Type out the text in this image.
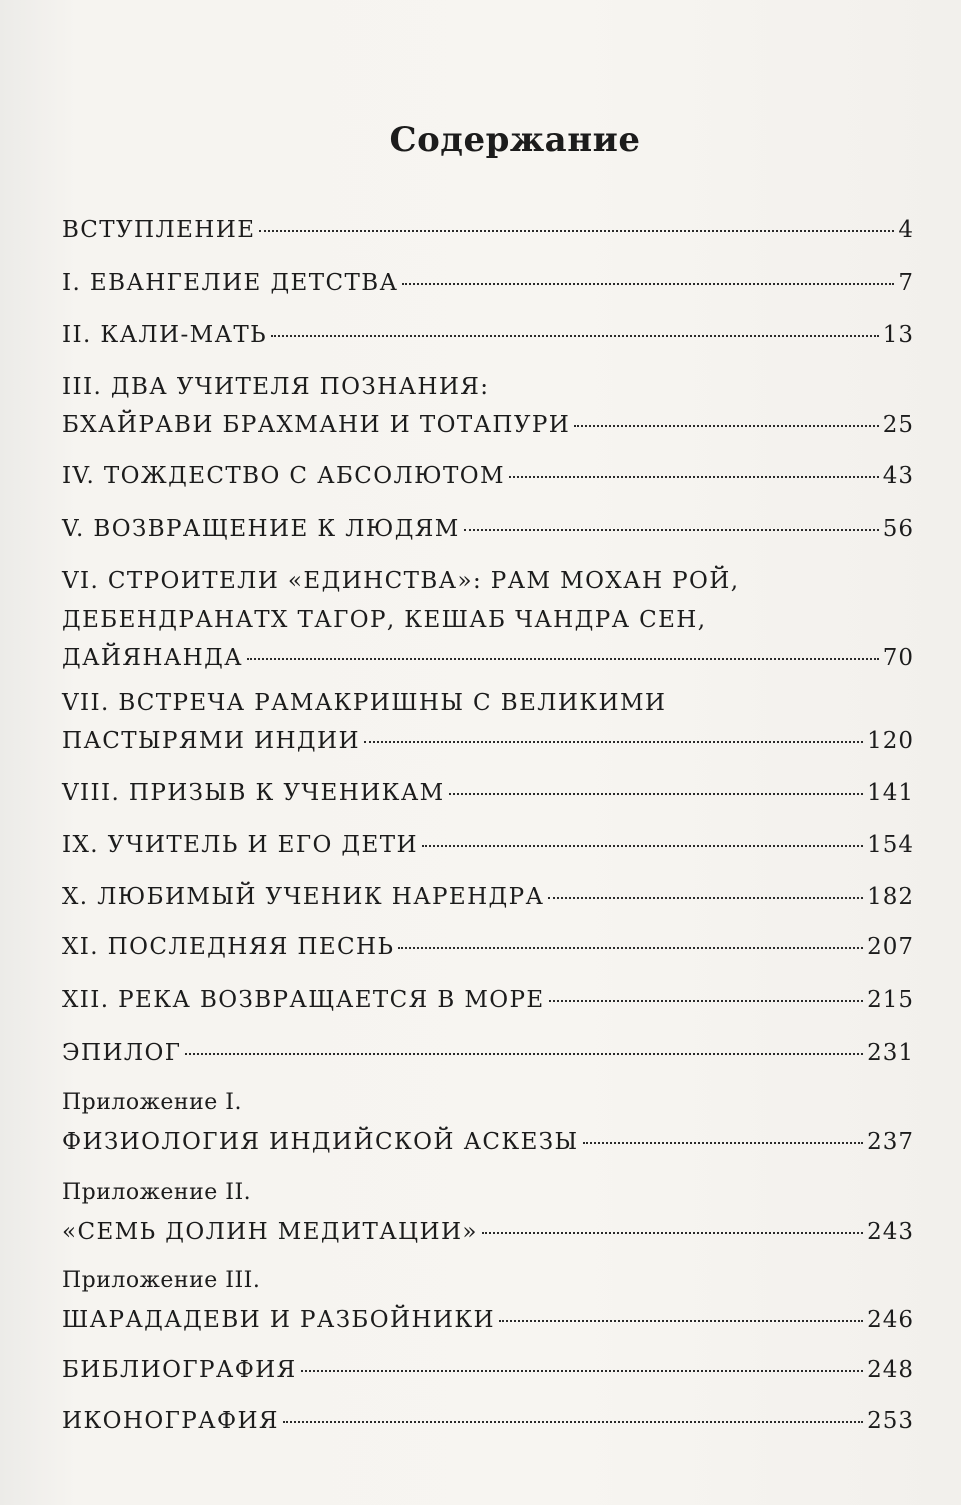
Содержание
ВСТУПЛЕНИЕ	4
I. ЕВАНГЕЛИЕ ДЕТСТВА	7
II. КАЛИ-МАТЬ	13
III. ДВА УЧИТЕЛЯ ПОЗНАНИЯ:
БХАЙРАВИ БРАХМАНИ И ТОТАПУРИ	25
IV. ТОЖДЕСТВО С АБСОЛЮТОМ	43
V. ВОЗВРАЩЕНИЕ К ЛЮДЯМ	56
VI. СТРОИТЕЛИ «ЕДИНСТВА»: РАМ МОХАН РОЙ,
ДЕБЕНДРАНАТХ ТАГОР, КЕШАБ ЧАНДРА СЕН,
ДАЙЯНАНДА	70
VII. ВСТРЕЧА РАМАКРИШНЫ С ВЕЛИКИМИ
ПАСТЫРЯМИ ИНДИИ	120
VIII. ПРИЗЫВ К УЧЕНИКАМ	141
IX. УЧИТЕЛЬ И ЕГО ДЕТИ	154
X. ЛЮБИМЫЙ УЧЕНИК НАРЕНДРА	182
XI. ПОСЛЕДНЯЯ ПЕСНЬ	207
XII. РЕКА ВОЗВРАЩАЕТСЯ В МОРЕ	215
ЭПИЛОГ	231
Приложение I.
ФИЗИОЛОГИЯ ИНДИЙСКОЙ АСКЕЗЫ	237
Приложение II.
«СЕМЬ ДОЛИН МЕДИТАЦИИ»	243
Приложение III.
ШАРАДАДЕВИ И РАЗБОЙНИКИ	246
БИБЛИОГРАФИЯ	248
ИКОНОГРАФИЯ	253
